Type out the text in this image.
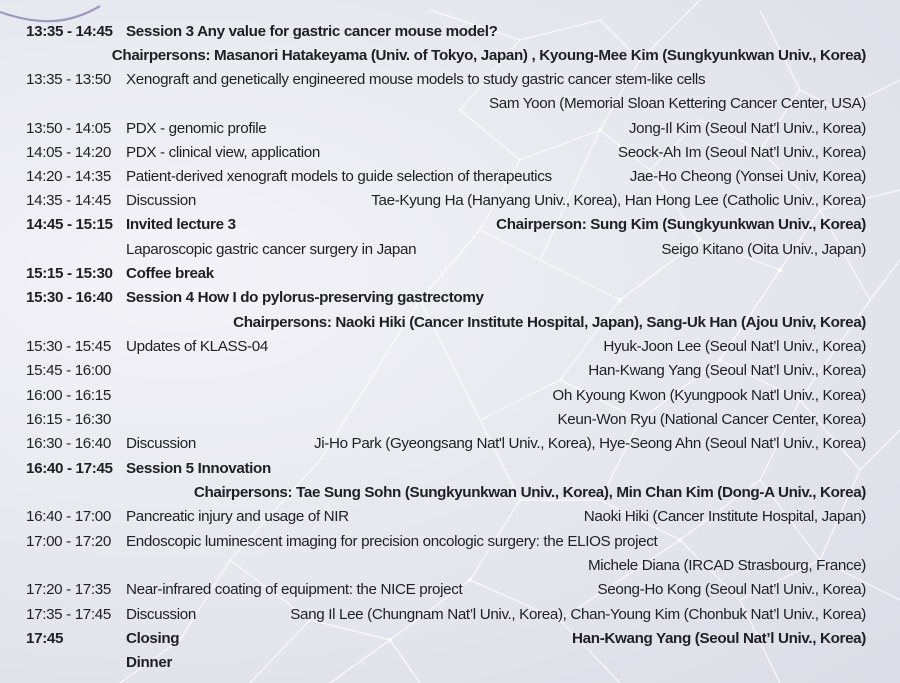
13:35 - 14:45 Session 3 Any value for gastric cancer mouse model?
Chairpersons: Masanori Hatakeyama (Univ. of Tokyo, Japan) , Kyoung-Mee Kim (Sungkyunkwan Univ., Korea)
13:35 - 13:50 Xenograft and genetically engineered mouse models to study gastric cancer stem-like cells
Sam Yoon (Memorial Sloan Kettering Cancer Center, USA)
13:50 - 14:05 PDX - genomic profile	Jong-Il Kim (Seoul Nat’l Univ., Korea)
14:05 - 14:20 PDX - clinical view, application	Seock-Ah Im (Seoul Nat’l Univ., Korea)
14:20 - 14:35 Patient-derived xenograft models to guide selection of therapeutics	Jae-Ho Cheong (Yonsei Univ, Korea)
14:35 - 14:45 Discussion	Tae-Kyung Ha (Hanyang Univ., Korea), Han Hong Lee (Catholic Univ., Korea)
14:45 - 15:15 Invited lecture 3	Chairperson: Sung Kim (Sungkyunkwan Univ., Korea)
Laparoscopic gastric cancer surgery in Japan	Seigo Kitano (Oita Univ., Japan)
15:15 - 15:30 Coffee break
15:30 - 16:40 Session 4 How I do pylorus-preserving gastrectomy
Chairpersons: Naoki Hiki (Cancer Institute Hospital, Japan), Sang-Uk Han (Ajou Univ, Korea)
15:30 - 15:45 Updates of KLASS-04	Hyuk-Joon Lee (Seoul Nat’l Univ., Korea)
15:45 - 16:00	Han-Kwang Yang (Seoul Nat’l Univ., Korea)
16:00 - 16:15	Oh Kyoung Kwon (Kyungpook Nat'l Univ., Korea)
16:15 - 16:30	Keun-Won Ryu (National Cancer Center, Korea)
16:30 - 16:40 Discussion	Ji-Ho Park (Gyeongsang Nat'l Univ., Korea), Hye-Seong Ahn (Seoul Nat’l Univ., Korea)
16:40 - 17:45 Session 5 Innovation
Chairpersons: Tae Sung Sohn (Sungkyunkwan Univ., Korea), Min Chan Kim (Dong-A Univ., Korea)
16:40 - 17:00 Pancreatic injury and usage of NIR	Naoki Hiki (Cancer Institute Hospital, Japan)
17:00 - 17:20 Endoscopic luminescent imaging for precision oncologic surgery: the ELIOS project
Michele Diana (IRCAD Strasbourg, France)
17:20 - 17:35 Near-infrared coating of equipment: the NICE project	Seong-Ho Kong (Seoul Nat’l Univ., Korea)
17:35 - 17:45 Discussion	Sang Il Lee (Chungnam Nat’l Univ., Korea), Chan-Young Kim (Chonbuk Nat’l Univ., Korea)
17:45	Closing	Han-Kwang Yang (Seoul Nat’l Univ., Korea)
Dinner
